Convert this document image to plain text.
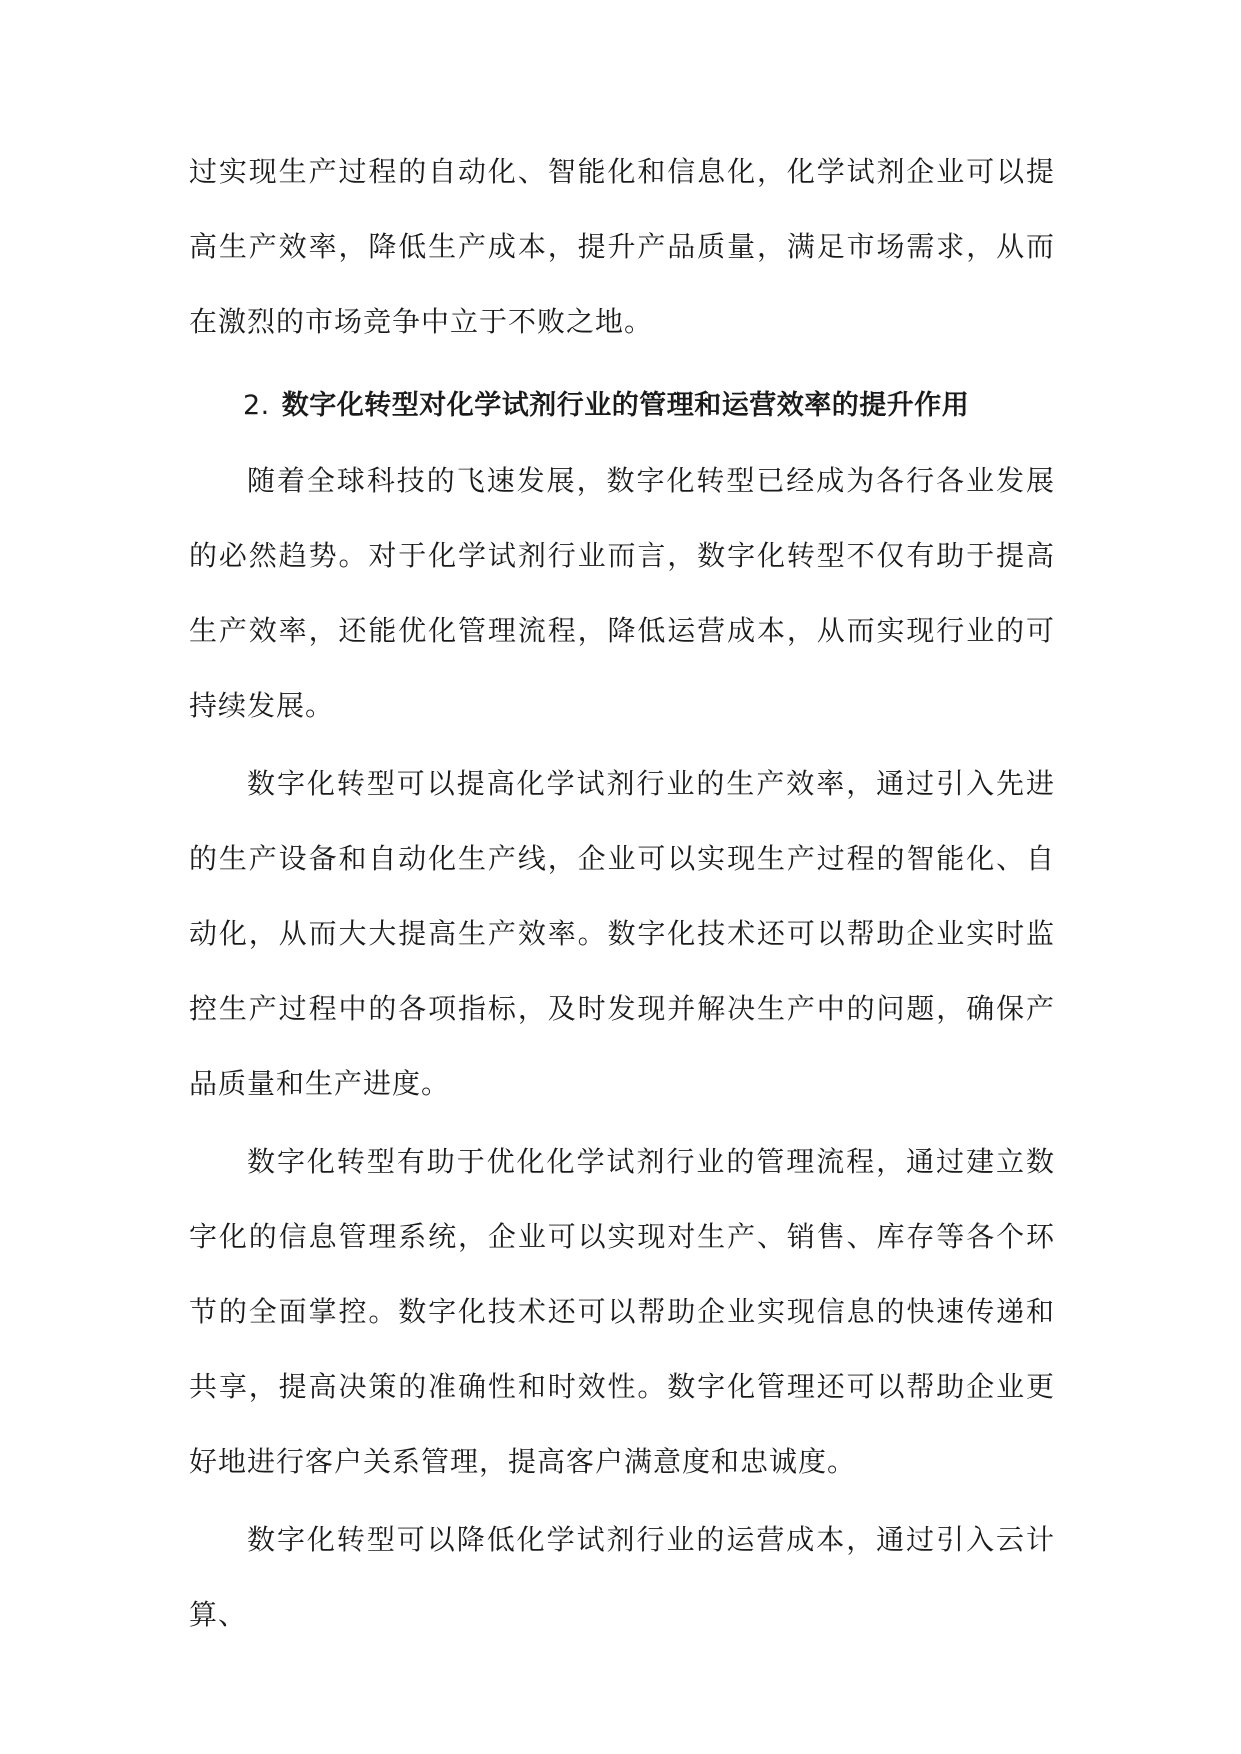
过实现生产过程的自动化、智能化和信息化，化学试剂企业可以提高生产效率，降低生产成本，提升产品质量，满足市场需求，从而在激烈的市场竞争中立于不败之地。

2. 数字化转型对化学试剂行业的管理和运营效率的提升作用

随着全球科技的飞速发展，数字化转型已经成为各行各业发展的必然趋势。对于化学试剂行业而言，数字化转型不仅有助于提高生产效率，还能优化管理流程，降低运营成本，从而实现行业的可持续发展。

数字化转型可以提高化学试剂行业的生产效率，通过引入先进的生产设备和自动化生产线，企业可以实现生产过程的智能化、自动化，从而大大提高生产效率。数字化技术还可以帮助企业实时监控生产过程中的各项指标，及时发现并解决生产中的问题，确保产品质量和生产进度。

数字化转型有助于优化化学试剂行业的管理流程，通过建立数字化的信息管理系统，企业可以实现对生产、销售、库存等各个环节的全面掌控。数字化技术还可以帮助企业实现信息的快速传递和共享，提高决策的准确性和时效性。数字化管理还可以帮助企业更好地进行客户关系管理，提高客户满意度和忠诚度。

数字化转型可以降低化学试剂行业的运营成本，通过引入云计算、
